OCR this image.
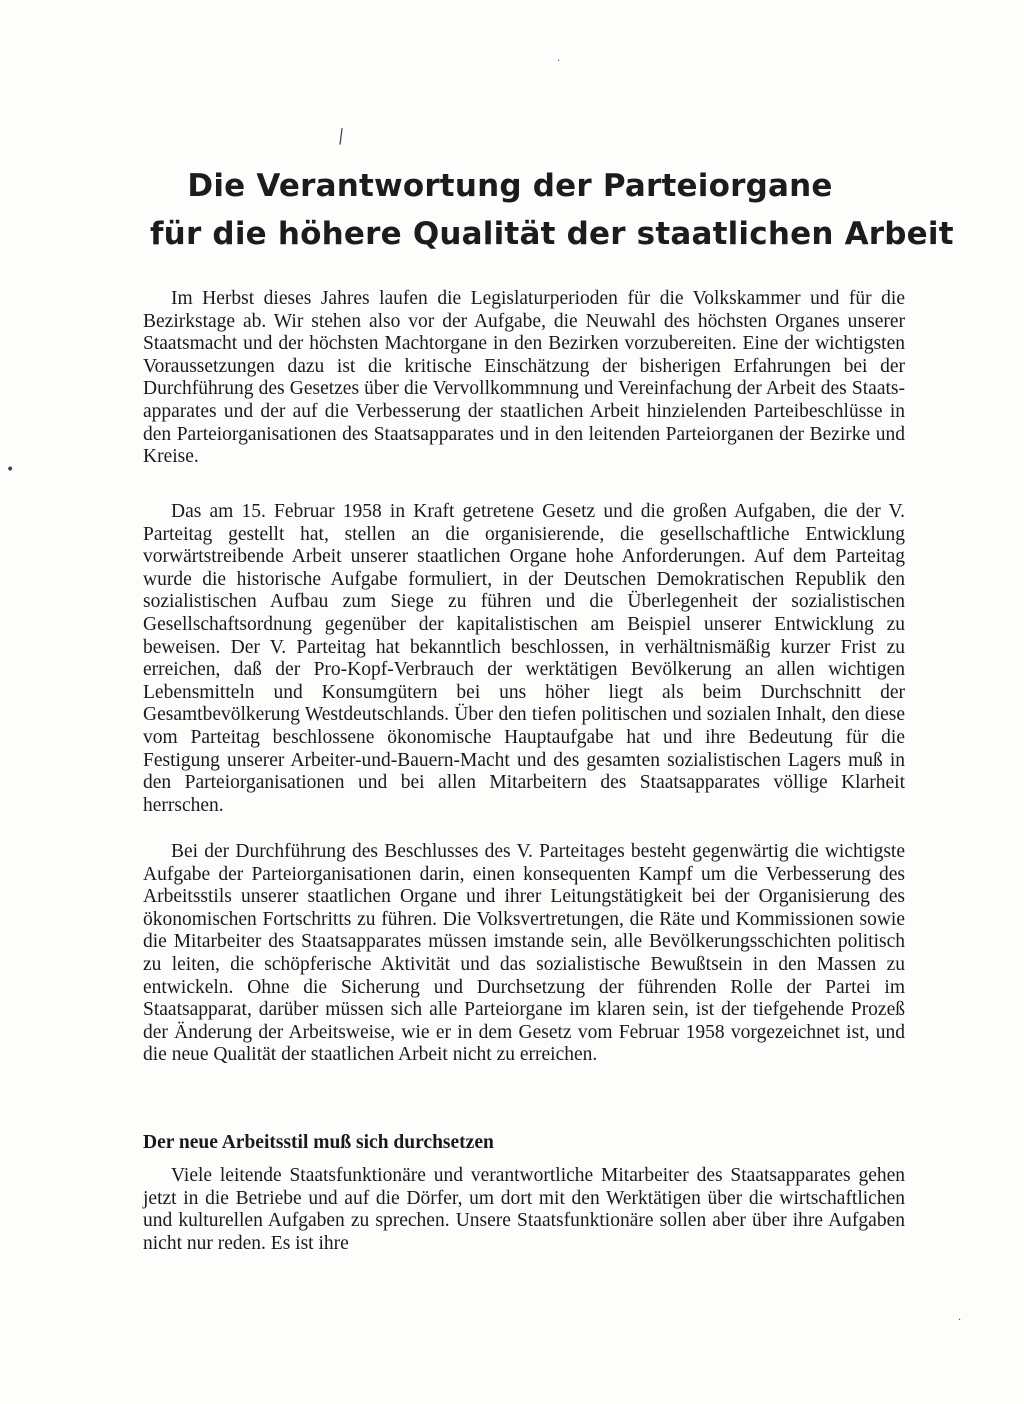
·
/
•
·
Die Verantwortung der Parteiorgane
für die höhere Qualität der staatlichen Arbeit

Im Herbst dieses Jahres laufen die Legislaturperioden für die Volkskammer und für die Bezirkstage ab. Wir stehen also vor der Aufgabe, die Neuwahl des höchsten Organes unserer Staatsmacht und der höchsten Machtorgane in den Bezirken vorzubereiten. Eine der wichtigsten Voraussetzungen dazu ist die kritische Einschätzung der bisherigen Erfahrungen bei der Durchführung des Gesetzes über die Vervollkommnung und Vereinfachung der Arbeit des Staatsapparates und der auf die Verbesserung der staatlichen Arbeit hinzielenden Parteibeschlüsse in den Parteiorganisationen des Staatsapparates und in den leitenden Parteiorganen der Bezirke und Kreise.

Das am 15. Februar 1958 in Kraft getretene Gesetz und die großen Aufgaben, die der V. Parteitag gestellt hat, stellen an die organisierende, die gesellschaftliche Entwicklung vorwärtstreibende Arbeit unserer staatlichen Organe hohe Anforderungen. Auf dem Parteitag wurde die historische Aufgabe formuliert, in der Deutschen Demokratischen Republik den sozialistischen Aufbau zum Siege zu führen und die Überlegenheit der sozialistischen Gesellschaftsordnung gegenüber der kapitalistischen am Beispiel unserer Entwicklung zu beweisen. Der V. Parteitag hat bekanntlich beschlossen, in verhältnismäßig kurzer Frist zu erreichen, daß der Pro-Kopf-Verbrauch der werktätigen Bevölkerung an allen wichtigen Lebensmitteln und Konsumgütern bei uns höher liegt als beim Durchschnitt der Gesamtbevölkerung Westdeutschlands. Über den tiefen politischen und sozialen Inhalt, den diese vom Parteitag beschlossene ökonomische Hauptaufgabe hat und ihre Bedeutung für die Festigung unserer Arbeiter-und-Bauern-Macht und des gesamten sozialistischen Lagers muß in den Parteiorganisationen und bei allen Mitarbeitern des Staatsapparates völlige Klarheit herrschen.

Bei der Durchführung des Beschlusses des V. Parteitages besteht gegenwärtig die wichtigste Aufgabe der Parteiorganisationen darin, einen konsequenten Kampf um die Verbesserung des Arbeitsstils unserer staatlichen Organe und ihrer Leitungstätigkeit bei der Organisierung des ökonomischen Fortschritts zu führen. Die Volksvertretungen, die Räte und Kommissionen sowie die Mitarbeiter des Staatsapparates müssen imstande sein, alle Bevölkerungsschichten politisch zu leiten, die schöpferische Aktivität und das sozialistische Bewußtsein in den Massen zu entwickeln. Ohne die Sicherung und Durchsetzung der führenden Rolle der Partei im Staatsapparat, darüber müssen sich alle Parteiorgane im klaren sein, ist der tiefgehende Prozeß der Änderung der Arbeitsweise, wie er in dem Gesetz vom Februar 1958 vorgezeichnet ist, und die neue Qualität der staatlichen Arbeit nicht zu erreichen.

Der neue Arbeitsstil muß sich durchsetzen

Viele leitende Staatsfunktionäre und verantwortliche Mitarbeiter des Staatsapparates gehen jetzt in die Betriebe und auf die Dörfer, um dort mit den Werktätigen über die wirtschaftlichen und kulturellen Aufgaben zu sprechen. Unsere Staatsfunktionäre sollen aber über ihre Aufgaben nicht nur reden. Es ist ihre
